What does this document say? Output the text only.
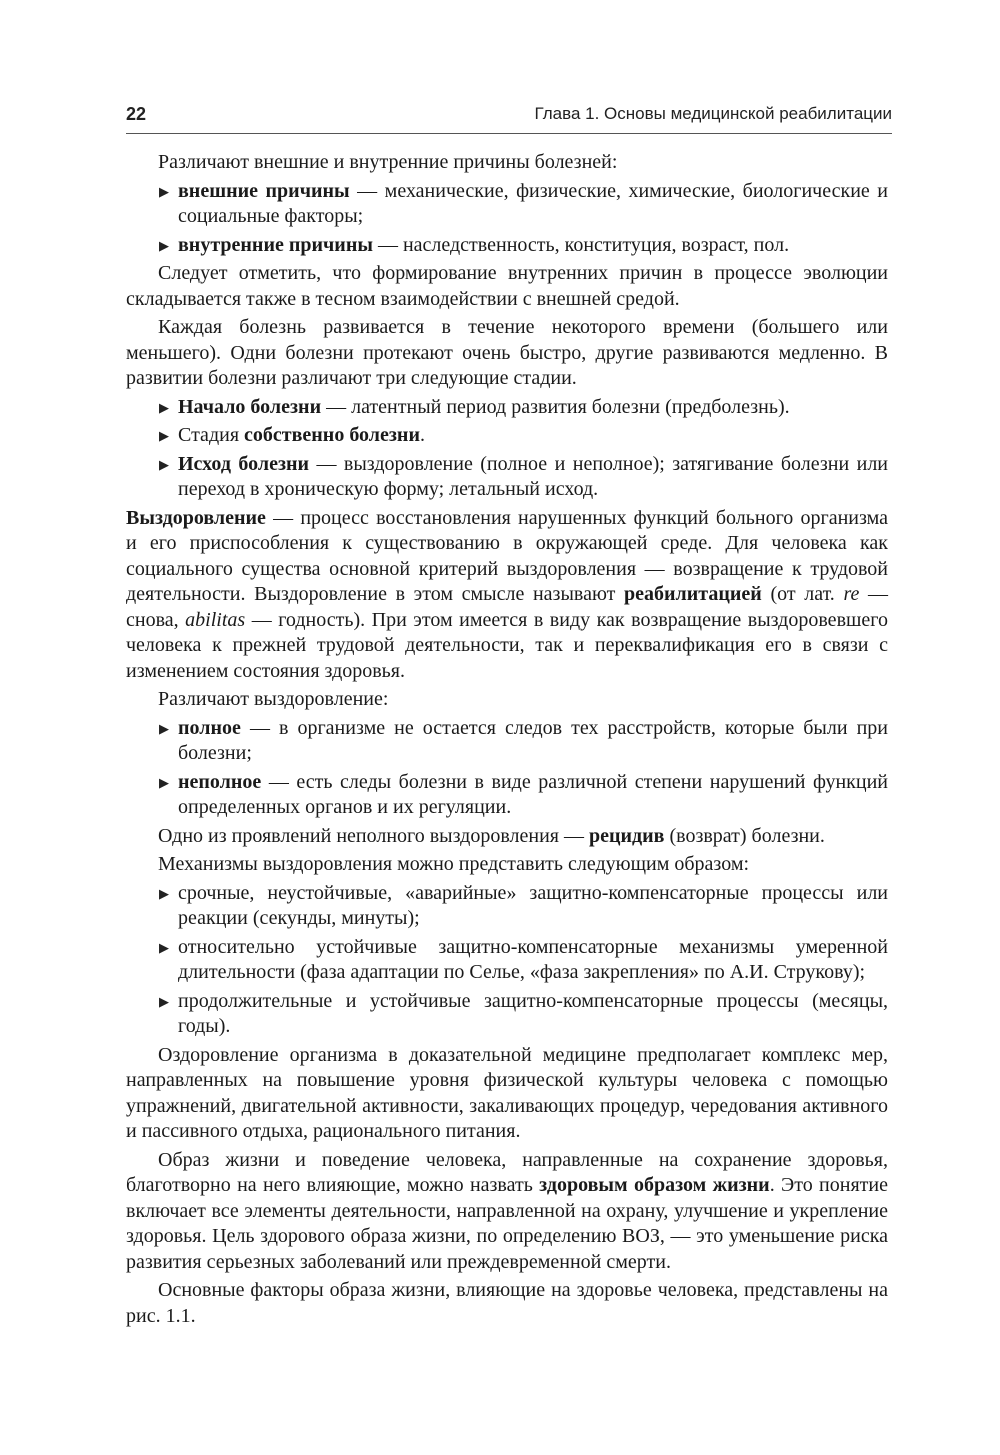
22	Глава 1. Основы медицинской реабилитации

Различают внешние и внутренние причины болезней:

▶ внешние причины — механические, физические, химические, биологические и социальные факторы;
▶ внутренние причины — наследственность, конституция, возраст, пол.

Следует отметить, что формирование внутренних причин в процессе эволюции складывается также в тесном взаимодействии с внешней средой.

Каждая болезнь развивается в течение некоторого времени (большего или меньшего). Одни болезни протекают очень быстро, другие развиваются медленно. В развитии болезни различают три следующие стадии.

▶ Начало болезни — латентный период развития болезни (предболезнь).
▶ Стадия собственно болезни.
▶ Исход болезни — выздоровление (полное и неполное); затягивание болезни или переход в хроническую форму; летальный исход.

Выздоровление — процесс восстановления нарушенных функций больного организма и его приспособления к существованию в окружающей среде. Для человека как социального существа основной критерий выздоровления — возвращение к трудовой деятельности. Выздоровление в этом смысле называют реабилитацией (от лат. re — снова, abilitas — годность). При этом имеется в виду как возвращение выздоровевшего человека к прежней трудовой деятельности, так и переквалификация его в связи с изменением состояния здоровья.

Различают выздоровление:

▶ полное — в организме не остается следов тех расстройств, которые были при болезни;
▶ неполное — есть следы болезни в виде различной степени нарушений функций определенных органов и их регуляции.

Одно из проявлений неполного выздоровления — рецидив (возврат) болезни.

Механизмы выздоровления можно представить следующим образом:

▶ срочные, неустойчивые, «аварийные» защитно-компенсаторные процессы или реакции (секунды, минуты);
▶ относительно устойчивые защитно-компенсаторные механизмы умеренной длительности (фаза адаптации по Селье, «фаза закрепления» по А.И. Струкову);
▶ продолжительные и устойчивые защитно-компенсаторные процессы (месяцы, годы).

Оздоровление организма в доказательной медицине предполагает комплекс мер, направленных на повышение уровня физической культуры человека с помощью упражнений, двигательной активности, закаливающих процедур, чередования активного и пассивного отдыха, рационального питания.

Образ жизни и поведение человека, направленные на сохранение здоровья, благотворно на него влияющие, можно назвать здоровым образом жизни. Это понятие включает все элементы деятельности, направленной на охрану, улучшение и укрепление здоровья. Цель здорового образа жизни, по определению ВОЗ, — это уменьшение риска развития серьезных заболеваний или преждевременной смерти.

Основные факторы образа жизни, влияющие на здоровье человека, представлены на рис. 1.1.
